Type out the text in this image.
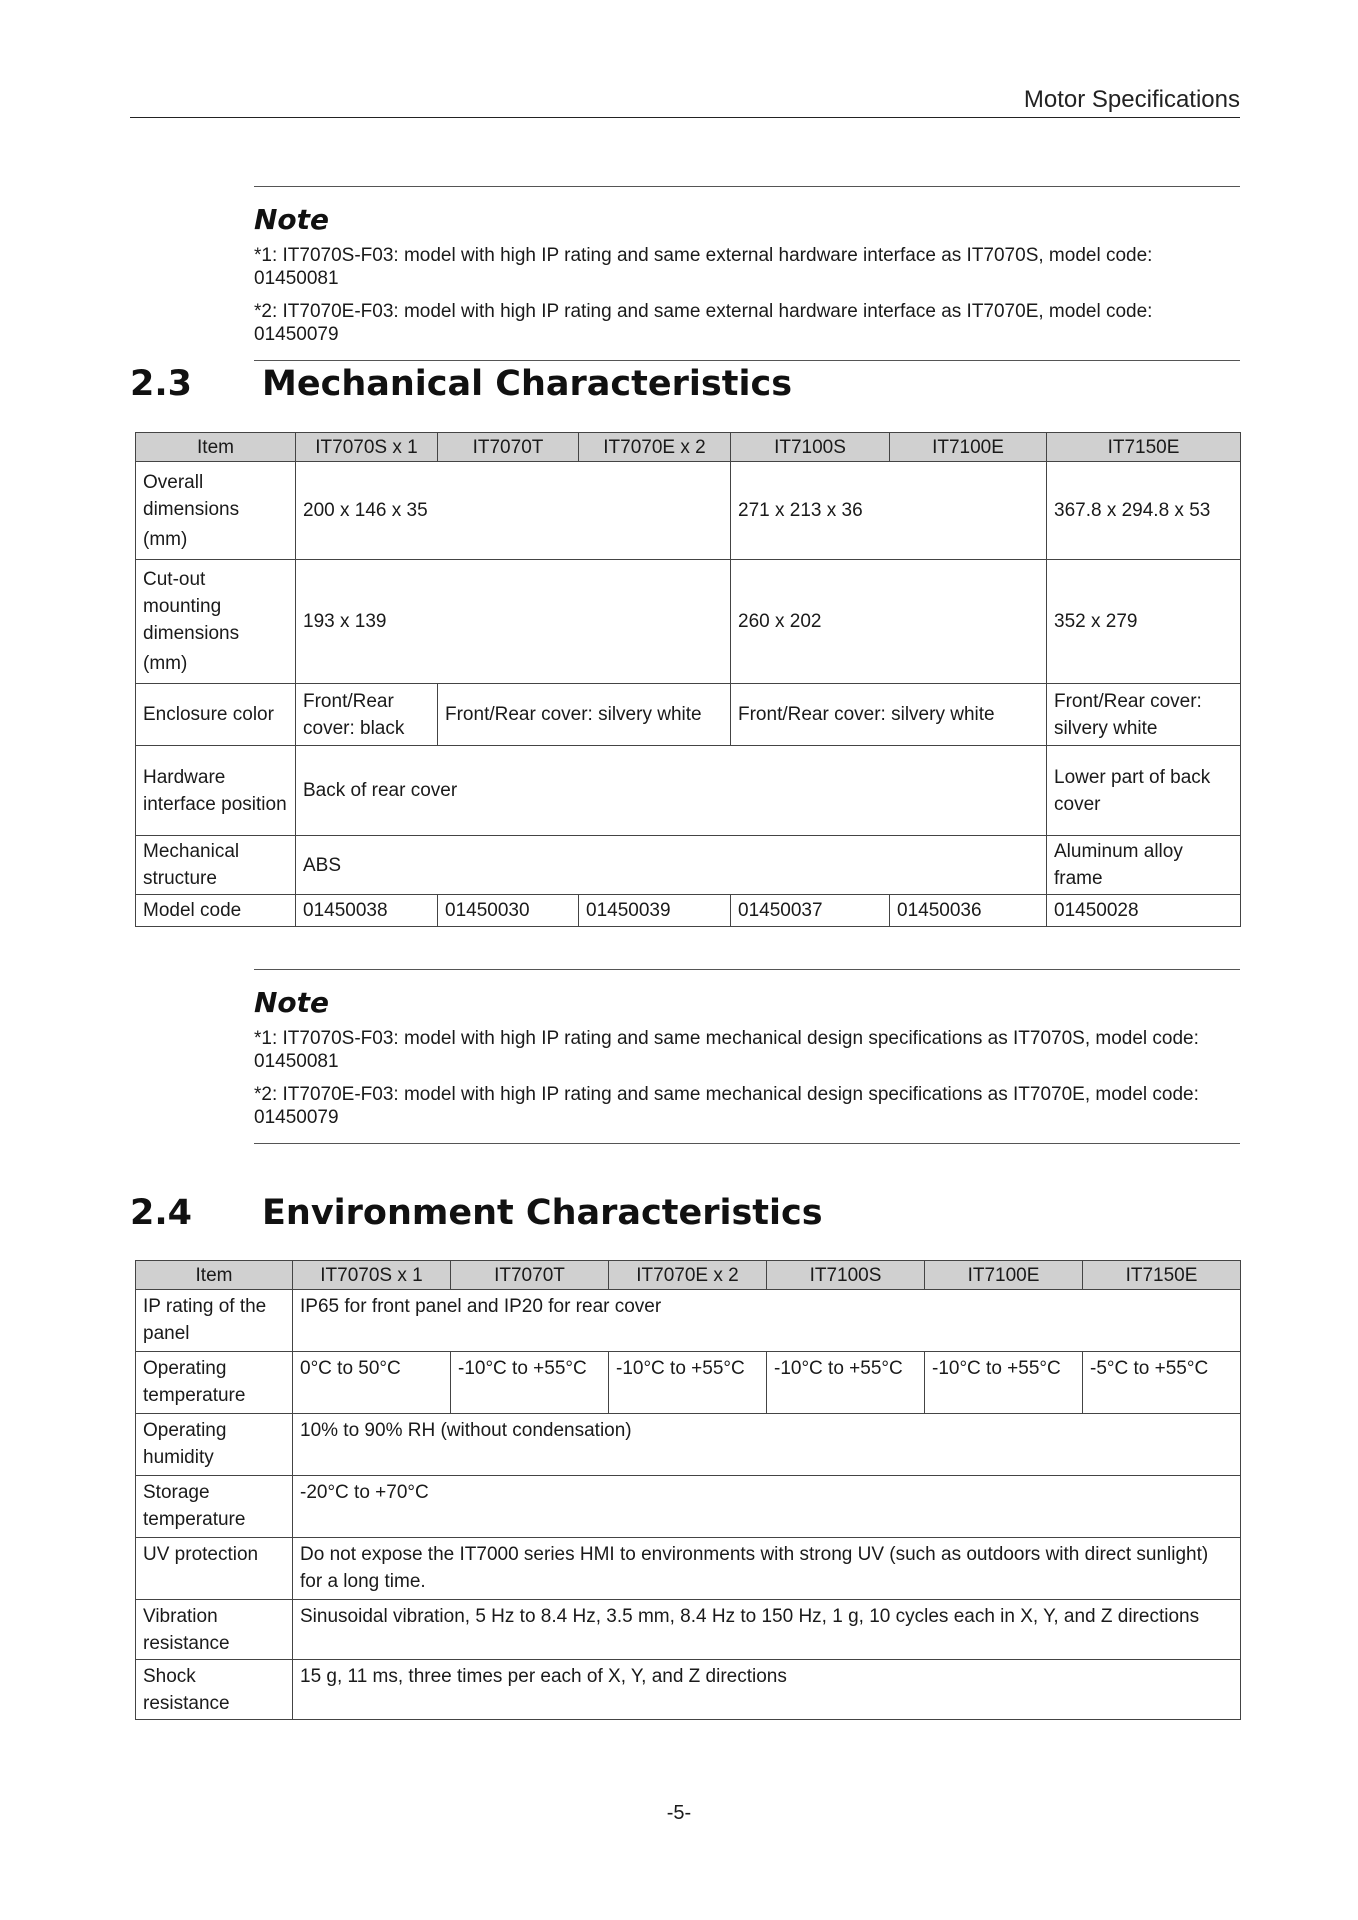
Motor Specifications

Note

*1: IT7070S-F03: model with high IP rating and same external hardware interface as IT7070S, model code: 01450081

*2: IT7070E-F03: model with high IP rating and same external hardware interface as IT7070E, model code: 01450079

2.3 Mechanical Characteristics
Item	IT7070S x 1	IT7070T	IT7070E x 2	IT7100S	IT7100E	IT7150E

Overall dimensions
(mm)	200 x 146 x 35			271 x 213 x 36		367.8 x 294.8 x 53

Cut-out mounting dimensions
(mm)	193 x 139			260 x 202		352 x 279
Enclosure color	Front/Rear cover: black	Front/Rear cover: silvery white		Front/Rear cover: silvery white		Front/Rear cover: silvery white
Hardware interface position	Back of rear cover					Lower part of back cover
Mechanical structure	ABS					Aluminum alloy frame
Model code	01450038	01450030	01450039	01450037	01450036	01450028

Note

*1: IT7070S-F03: model with high IP rating and same mechanical design specifications as IT7070S, model code: 01450081

*2: IT7070E-F03: model with high IP rating and same mechanical design specifications as IT7070E, model code: 01450079

2.4 Environment Characteristics
Item	IT7070S x 1	IT7070T	IT7070E x 2	IT7100S	IT7100E	IT7150E
IP rating of the panel	IP65 for front panel and IP20 for rear cover					
Operating temperature	0°C to 50°C	-10°C to +55°C	-10°C to +55°C	-10°C to +55°C	-10°C to +55°C	-5°C to +55°C
Operating humidity	10% to 90% RH (without condensation)					
Storage temperature	-20°C to +70°C					
UV protection	Do not expose the IT7000 series HMI to environments with strong UV (such as outdoors with direct sunlight) for a long time.					
Vibration resistance	Sinusoidal vibration, 5 Hz to 8.4 Hz, 3.5 mm, 8.4 Hz to 150 Hz, 1 g, 10 cycles each in X, Y, and Z directions					
Shock resistance	15 g, 11 ms, three times per each of X, Y, and Z directions					

-5-
